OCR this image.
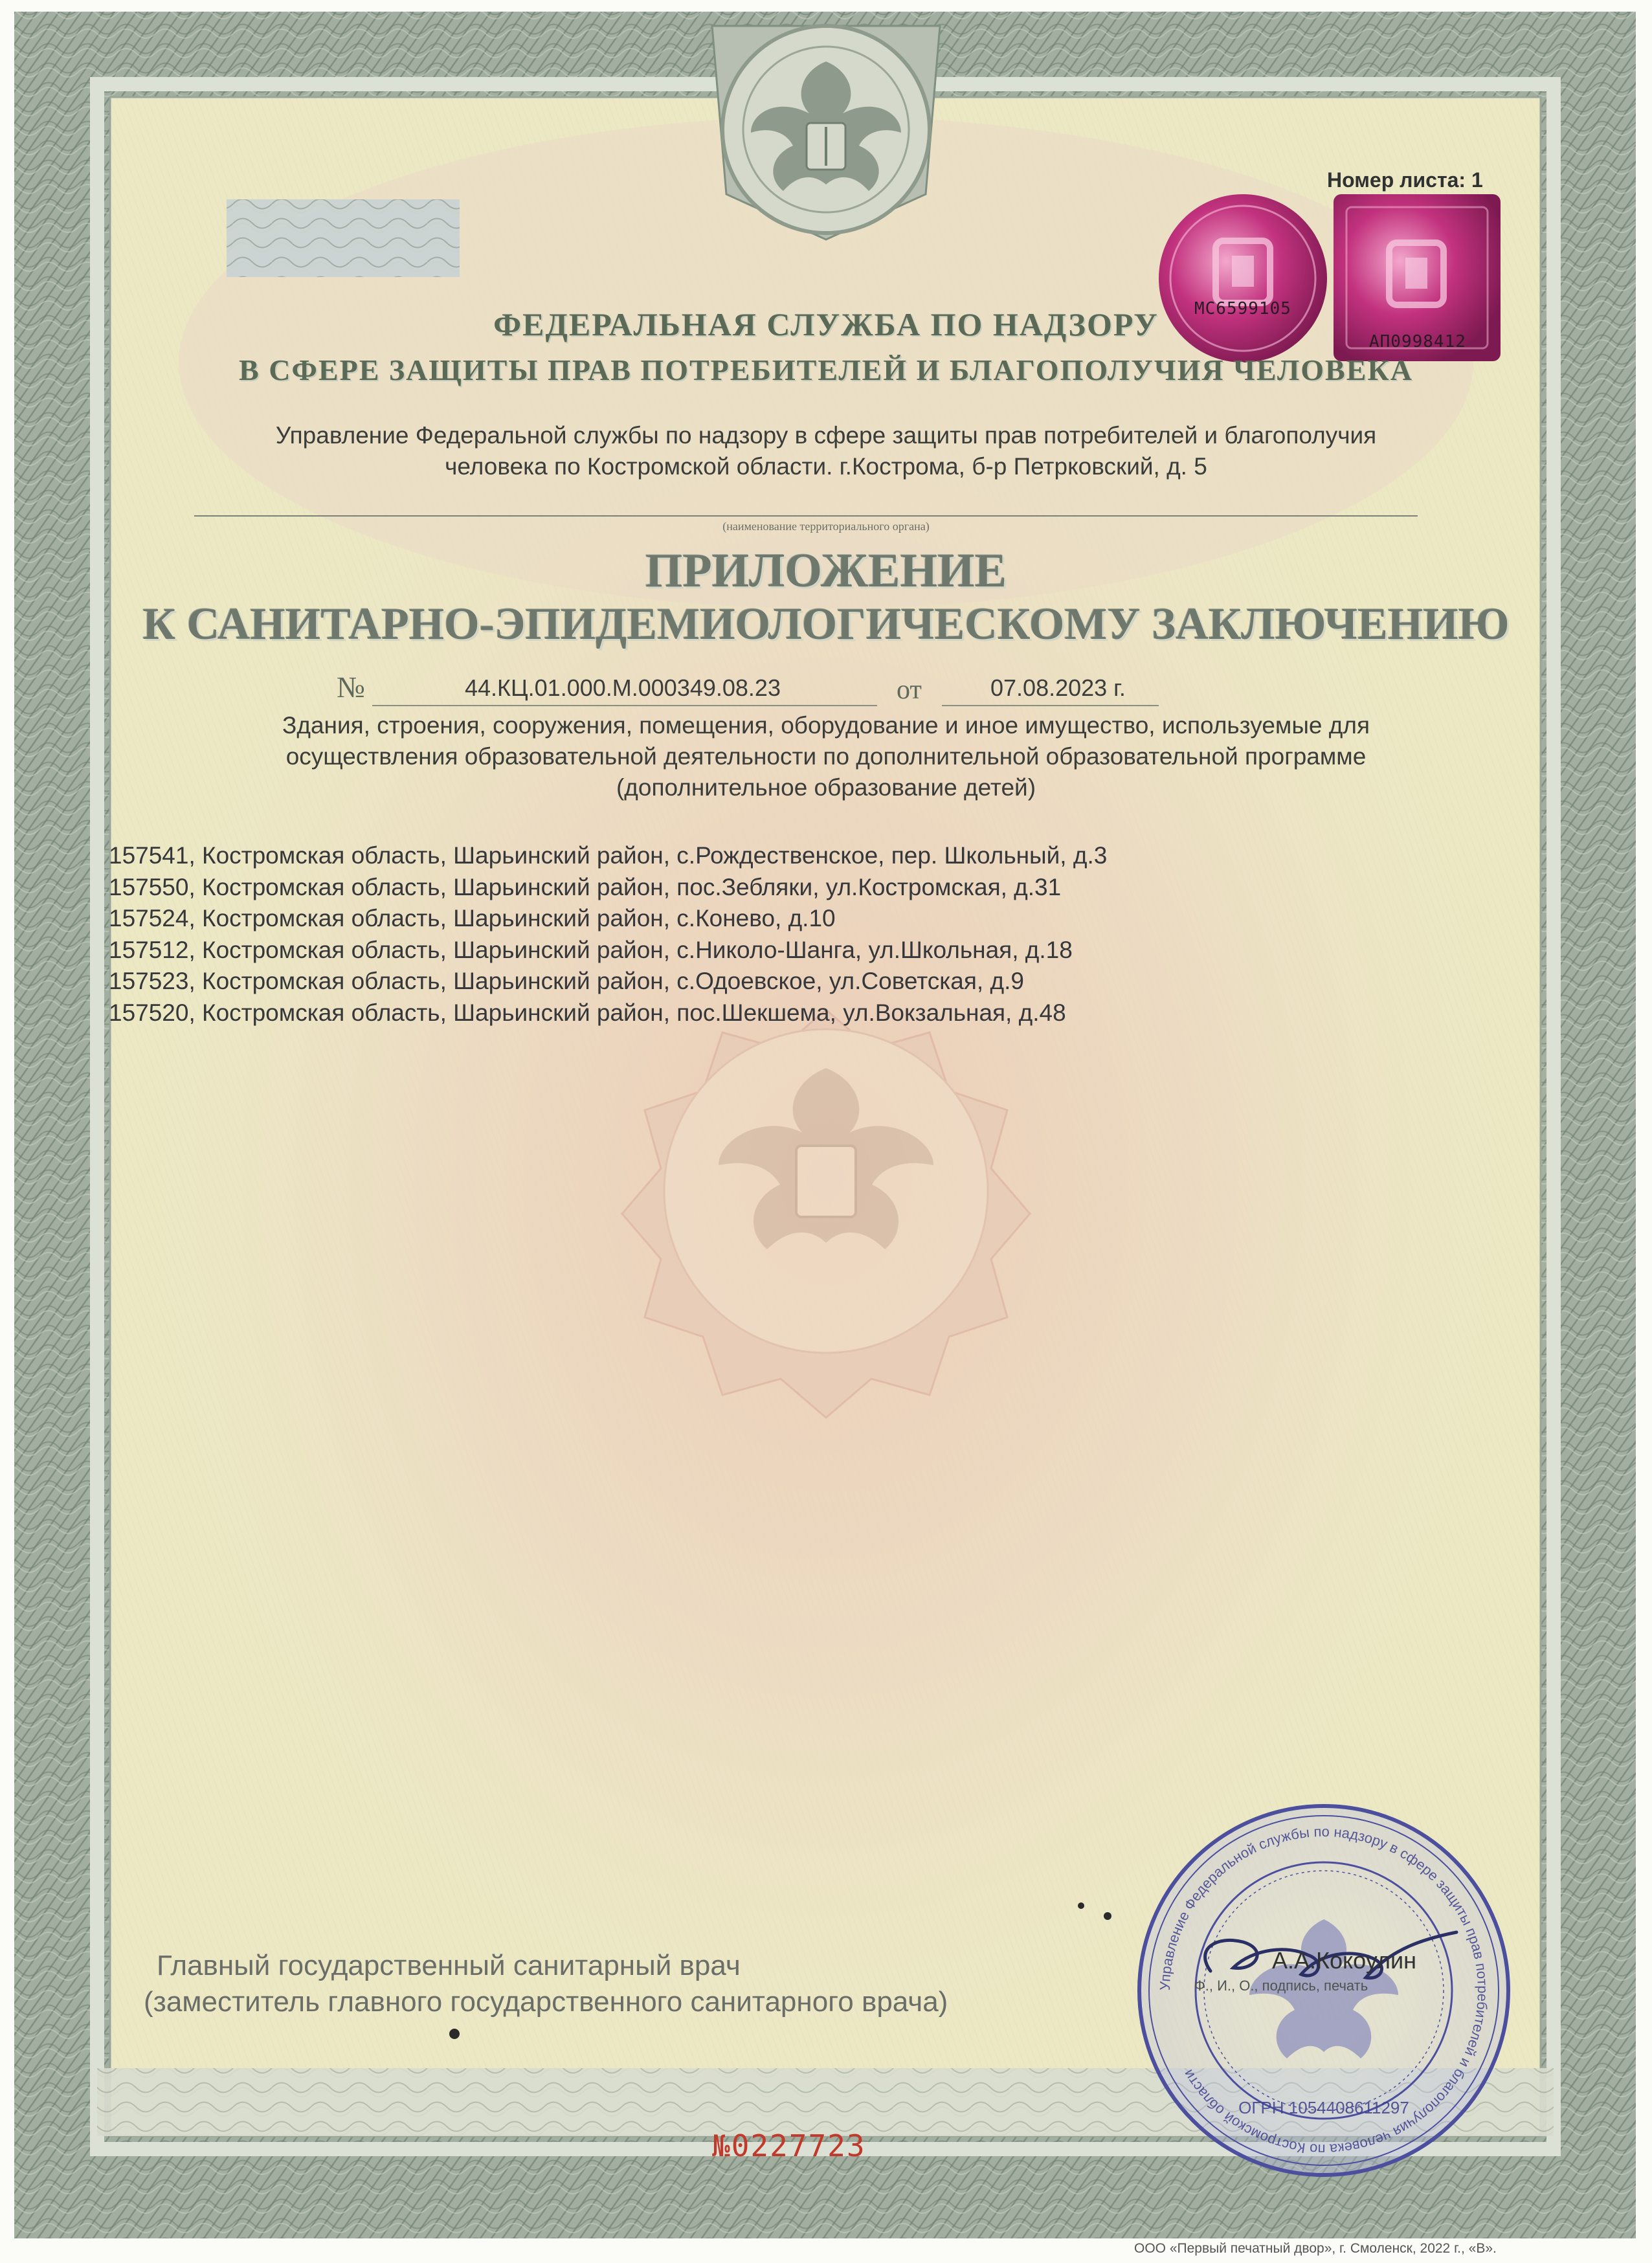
Номер листа: 1
МС6599105
АП0998412
ФЕДЕРАЛЬНАЯ СЛУЖБА ПО НАДЗОРУ
В СФЕРЕ ЗАЩИТЫ ПРАВ ПОТРЕБИТЕЛЕЙ И БЛАГОПОЛУЧИЯ ЧЕЛОВЕКА
Управление Федеральной службы по надзору в сфере защиты прав потребителей и благополучия
человека по Костромской области. г.Кострома, б-р Петрковский, д. 5
(наименование территориального органа)
ПРИЛОЖЕНИЕ
К САНИТАРНО-ЭПИДЕМИОЛОГИЧЕСКОМУ ЗАКЛЮЧЕНИЮ
№	44.КЦ.01.000.М.000349.08.23	от	07.08.2023 г.
Здания, строения, сооружения, помещения, оборудование и иное имущество, используемые для
осуществления образовательной деятельности по дополнительной образовательной программе
(дополнительное образование детей)
157541, Костромская область, Шарьинский район, с.Рождественское, пер. Школьный, д.3
157550, Костромская область, Шарьинский район, пос.Зебляки, ул.Костромская, д.31
157524, Костромская область, Шарьинский район, с.Конево, д.10
157512, Костромская область, Шарьинский район, с.Николо-Шанга, ул.Школьная, д.18
157523, Костромская область, Шарьинский район, с.Одоевское, ул.Советская, д.9
157520, Костромская область, Шарьинский район, пос.Шекшема, ул.Вокзальная, д.48
Главный государственный санитарный врач
(заместитель главного государственного санитарного врача)
А.А.Кокоулин
Ф., И., О., подпись, печать
Управление Федеральной службы по надзору в сфере защиты прав потребителей и благополучия человека по Костромской области
ОГРН 1054408611297
№0227723
ООО «Первый печатный двор», г. Смоленск, 2022 г., «В».
